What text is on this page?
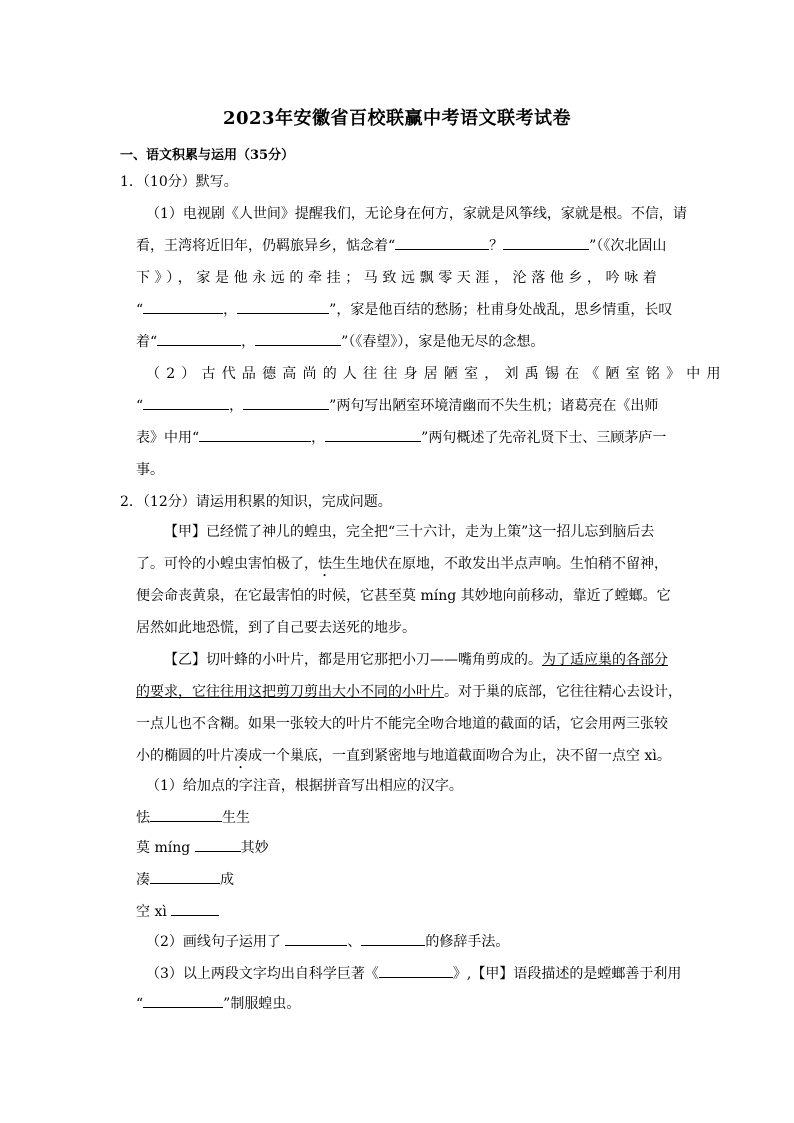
2023年安徽省百校联赢中考语文联考试卷
一、语文积累与运用（35分）
1．（10分）默写。
（1）电视剧《人世间》提醒我们，无论身在何方，家就是风筝线，家就是根。不信，请
看，王湾将近旧年，仍羁旅异乡，惦念着“	？	”（《次北固山
下》），家是他永远的牵挂；马致远飘零天涯，沦落他乡，吟咏着
“	，	”，家是他百结的愁肠；杜甫身处战乱，思乡情重，长叹
着“	，	”（《春望》），家是他无尽的念想。
（2）古代品德高尚的人往往身居陋室，刘禹锡在《陋室铭》中用
“	，	”两句写出陋室环境清幽而不失生机；诸葛亮在《出师
表》中用“	，	”两句概述了先帝礼贤下士、三顾茅庐一
事。
2．（12分）请运用积累的知识，完成问题。
【甲】已经慌了神儿的蝗虫，完全把“三十六计，走为上策”这一招儿忘到脑后去
了。可怜的小蝗虫害怕极了，怯生生地伏在原地，不敢发出半点声响。生怕稍不留神，
便会命丧黄泉，在它最害怕的时候，它甚至莫 míng 其妙地向前移动，靠近了螳螂。它
居然如此地恐慌，到了自己要去送死的地步。
【乙】切叶蜂的小叶片，都是用它那把小刀——嘴角剪成的。为了适应巢的各部分
的要求，它往往用这把剪刀剪出大小不同的小叶片。对于巢的底部，它往往精心去设计，
一点儿也不含糊。如果一张较大的叶片不能完全吻合地道的截面的话，它会用两三张较
小的椭圆的叶片凑成一个巢底，一直到紧密地与地道截面吻合为止，决不留一点空 xì。
（1）给加点的字注音，根据拼音写出相应的汉字。
怯	生生
莫 míng	其妙
凑	成
空 xì
（2）画线句子运用了	、	的修辞手法。
（3）以上两段文字均出自科学巨著《	》,【甲】语段描述的是螳螂善于利用
“	”制服蝗虫。
